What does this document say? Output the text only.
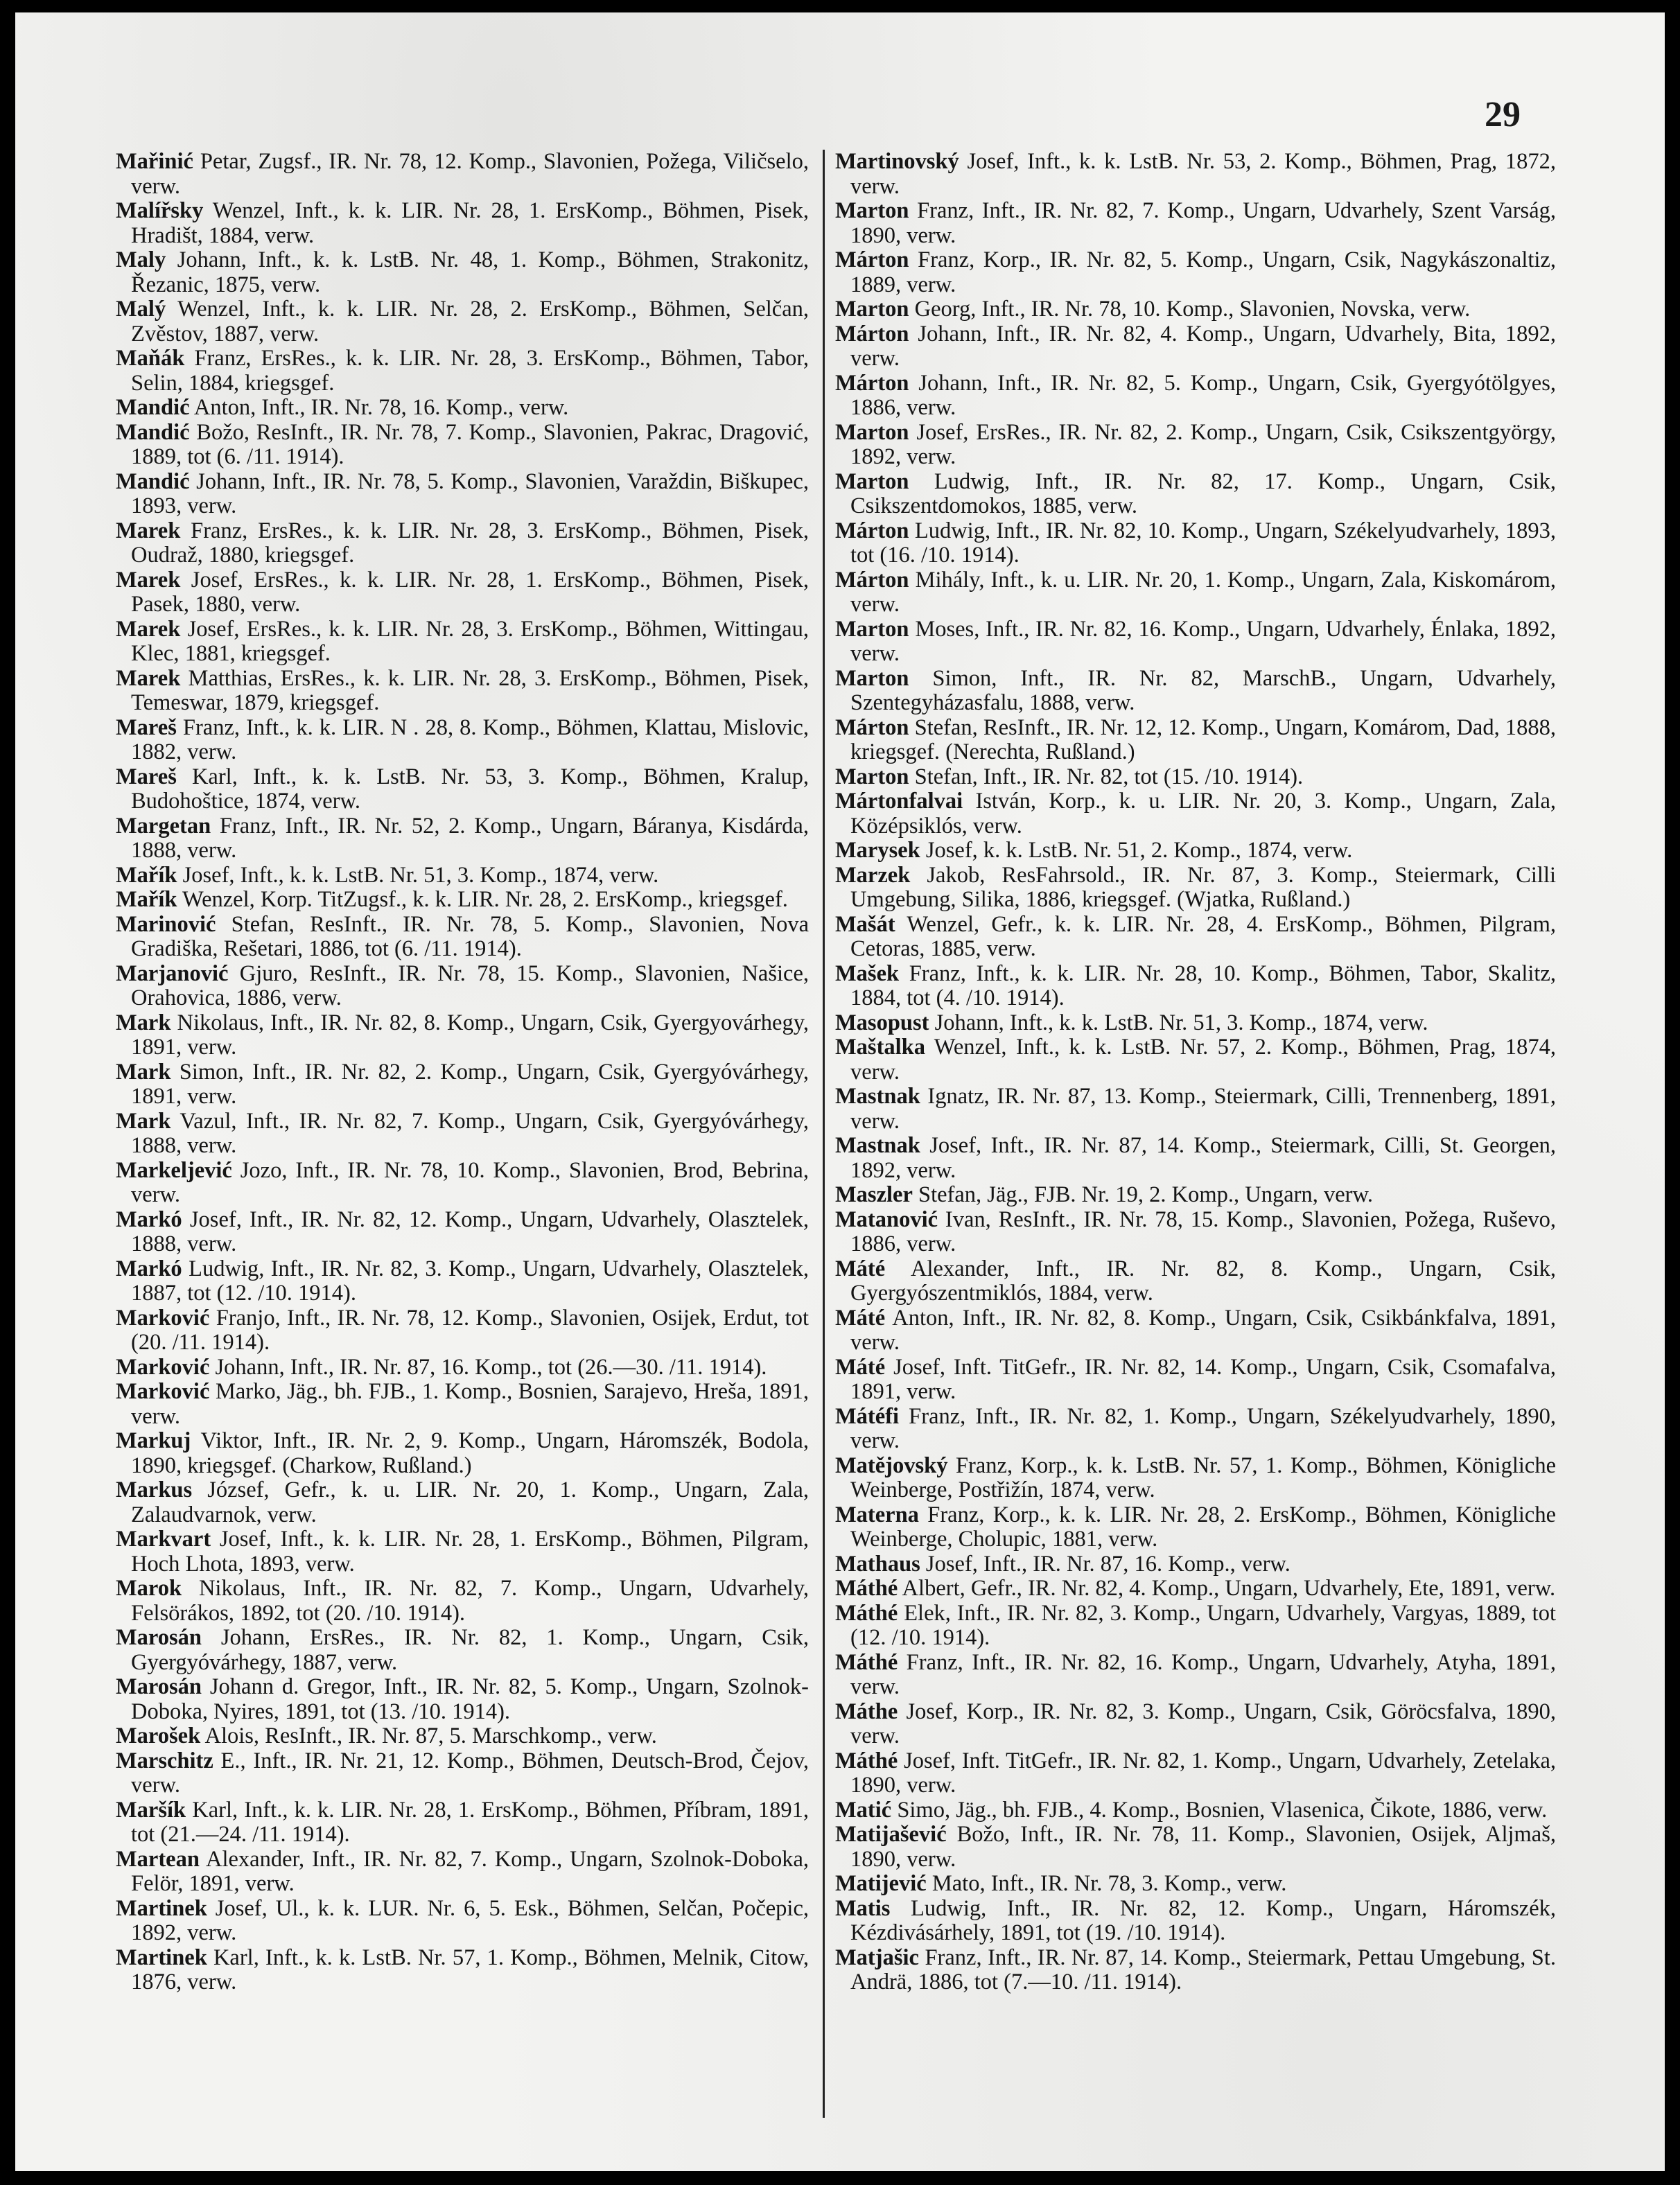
29

Mařinić Petar, Zugsf., IR. Nr. 78, 12. Komp., Slavonien, Požega, Viličselo, verw.

Malířsky Wenzel, Inft., k. k. LIR. Nr. 28, 1. ErsKomp., Böhmen, Pisek, Hradišt, 1884, verw.

Maly Johann, Inft., k. k. LstB. Nr. 48, 1. Komp., Böhmen, Strakonitz, Řezanic, 1875, verw.

Malý Wenzel, Inft., k. k. LIR. Nr. 28, 2. ErsKomp., Böhmen, Selčan, Zvěstov, 1887, verw.

Maňák Franz, ErsRes., k. k. LIR. Nr. 28, 3. ErsKomp., Böhmen, Tabor, Selin, 1884, kriegsgef.

Mandić Anton, Inft., IR. Nr. 78, 16. Komp., verw.

Mandić Božo, ResInft., IR. Nr. 78, 7. Komp., Slavonien, Pakrac, Dragović, 1889, tot (6. /11. 1914).

Mandić Johann, Inft., IR. Nr. 78, 5. Komp., Slavonien, Varaždin, Biškupec, 1893, verw.

Marek Franz, ErsRes., k. k. LIR. Nr. 28, 3. ErsKomp., Böhmen, Pisek, Oudraž, 1880, kriegsgef.

Marek Josef, ErsRes., k. k. LIR. Nr. 28, 1. ErsKomp., Böhmen, Pisek, Pasek, 1880, verw.

Marek Josef, ErsRes., k. k. LIR. Nr. 28, 3. ErsKomp., Böhmen, Wittingau, Klec, 1881, kriegsgef.

Marek Matthias, ErsRes., k. k. LIR. Nr. 28, 3. ErsKomp., Böhmen, Pisek, Temeswar, 1879, kriegsgef.

Mareš Franz, Inft., k. k. LIR. N . 28, 8. Komp., Böhmen, Klattau, Mislovic, 1882, verw.

Mareš Karl, Inft., k. k. LstB. Nr. 53, 3. Komp., Böhmen, Kralup, Budohoštice, 1874, verw.

Margetan Franz, Inft., IR. Nr. 52, 2. Komp., Ungarn, Báranya, Kisdárda, 1888, verw.

Mařík Josef, Inft., k. k. LstB. Nr. 51, 3. Komp., 1874, verw.

Mařík Wenzel, Korp. TitZugsf., k. k. LIR. Nr. 28, 2. ErsKomp., kriegsgef.

Marinović Stefan, ResInft., IR. Nr. 78, 5. Komp., Slavonien, Nova Gradiška, Rešetari, 1886, tot (6. /11. 1914).

Marjanović Gjuro, ResInft., IR. Nr. 78, 15. Komp., Slavonien, Našice, Orahovica, 1886, verw.

Mark Nikolaus, Inft., IR. Nr. 82, 8. Komp., Ungarn, Csik, Gyergyovárhegy, 1891, verw.

Mark Simon, Inft., IR. Nr. 82, 2. Komp., Ungarn, Csik, Gyergyóvárhegy, 1891, verw.

Mark Vazul, Inft., IR. Nr. 82, 7. Komp., Ungarn, Csik, Gyergyóvárhegy, 1888, verw.

Markeljević Jozo, Inft., IR. Nr. 78, 10. Komp., Slavonien, Brod, Bebrina, verw.

Markó Josef, Inft., IR. Nr. 82, 12. Komp., Ungarn, Udvarhely, Olasztelek, 1888, verw.

Markó Ludwig, Inft., IR. Nr. 82, 3. Komp., Ungarn, Udvarhely, Olasztelek, 1887, tot (12. /10. 1914).

Marković Franjo, Inft., IR. Nr. 78, 12. Komp., Slavonien, Osijek, Erdut, tot (20. /11. 1914).

Marković Johann, Inft., IR. Nr. 87, 16. Komp., tot (26.—30. /11. 1914).

Marković Marko, Jäg., bh. FJB., 1. Komp., Bosnien, Sarajevo, Hreša, 1891, verw.

Markuj Viktor, Inft., IR. Nr. 2, 9. Komp., Ungarn, Háromszék, Bodola, 1890, kriegsgef. (Charkow, Rußland.)

Markus József, Gefr., k. u. LIR. Nr. 20, 1. Komp., Ungarn, Zala, Zalaudvarnok, verw.

Markvart Josef, Inft., k. k. LIR. Nr. 28, 1. ErsKomp., Böhmen, Pilgram, Hoch Lhota, 1893, verw.

Marok Nikolaus, Inft., IR. Nr. 82, 7. Komp., Ungarn, Udvarhely, Felsörákos, 1892, tot (20. /10. 1914).

Marosán Johann, ErsRes., IR. Nr. 82, 1. Komp., Ungarn, Csik, Gyergyóvárhegy, 1887, verw.

Marosán Johann d. Gregor, Inft., IR. Nr. 82, 5. Komp., Ungarn, Szolnok-Doboka, Nyires, 1891, tot (13. /10. 1914).

Marošek Alois, ResInft., IR. Nr. 87, 5. Marschkomp., verw.

Marschitz E., Inft., IR. Nr. 21, 12. Komp., Böhmen, Deutsch-Brod, Čejov, verw.

Maršík Karl, Inft., k. k. LIR. Nr. 28, 1. ErsKomp., Böhmen, Příbram, 1891, tot (21.—24. /11. 1914).

Martean Alexander, Inft., IR. Nr. 82, 7. Komp., Ungarn, Szolnok-Doboka, Felör, 1891, verw.

Martinek Josef, Ul., k. k. LUR. Nr. 6, 5. Esk., Böhmen, Selčan, Počepic, 1892, verw.

Martinek Karl, Inft., k. k. LstB. Nr. 57, 1. Komp., Böhmen, Melnik, Citow, 1876, verw.

Martinovský Josef, Inft., k. k. LstB. Nr. 53, 2. Komp., Böhmen, Prag, 1872, verw.

Marton Franz, Inft., IR. Nr. 82, 7. Komp., Ungarn, Udvarhely, Szent Varság, 1890, verw.

Márton Franz, Korp., IR. Nr. 82, 5. Komp., Ungarn, Csik, Nagykászonaltiz, 1889, verw.

Marton Georg, Inft., IR. Nr. 78, 10. Komp., Slavonien, Novska, verw.

Márton Johann, Inft., IR. Nr. 82, 4. Komp., Ungarn, Udvarhely, Bita, 1892, verw.

Márton Johann, Inft., IR. Nr. 82, 5. Komp., Ungarn, Csik, Gyergyótölgyes, 1886, verw.

Marton Josef, ErsRes., IR. Nr. 82, 2. Komp., Ungarn, Csik, Csikszentgyörgy, 1892, verw.

Marton Ludwig, Inft., IR. Nr. 82, 17. Komp., Ungarn, Csik, Csikszentdomokos, 1885, verw.

Márton Ludwig, Inft., IR. Nr. 82, 10. Komp., Ungarn, Székelyudvarhely, 1893, tot (16. /10. 1914).

Márton Mihály, Inft., k. u. LIR. Nr. 20, 1. Komp., Ungarn, Zala, Kiskomárom, verw.

Marton Moses, Inft., IR. Nr. 82, 16. Komp., Ungarn, Udvarhely, Énlaka, 1892, verw.

Marton Simon, Inft., IR. Nr. 82, MarschB., Ungarn, Udvarhely, Szentegyházasfalu, 1888, verw.

Márton Stefan, ResInft., IR. Nr. 12, 12. Komp., Ungarn, Komárom, Dad, 1888, kriegsgef. (Nerechta, Rußland.)

Marton Stefan, Inft., IR. Nr. 82, tot (15. /10. 1914).

Mártonfalvai István, Korp., k. u. LIR. Nr. 20, 3. Komp., Ungarn, Zala, Középsiklós, verw.

Marysek Josef, k. k. LstB. Nr. 51, 2. Komp., 1874, verw.

Marzek Jakob, ResFahrsold., IR. Nr. 87, 3. Komp., Steiermark, Cilli Umgebung, Silika, 1886, kriegsgef. (Wjatka, Rußland.)

Mašát Wenzel, Gefr., k. k. LIR. Nr. 28, 4. ErsKomp., Böhmen, Pilgram, Cetoras, 1885, verw.

Mašek Franz, Inft., k. k. LIR. Nr. 28, 10. Komp., Böhmen, Tabor, Skalitz, 1884, tot (4. /10. 1914).

Masopust Johann, Inft., k. k. LstB. Nr. 51, 3. Komp., 1874, verw.

Maštalka Wenzel, Inft., k. k. LstB. Nr. 57, 2. Komp., Böhmen, Prag, 1874, verw.

Mastnak Ignatz, IR. Nr. 87, 13. Komp., Steiermark, Cilli, Trennenberg, 1891, verw.

Mastnak Josef, Inft., IR. Nr. 87, 14. Komp., Steiermark, Cilli, St. Georgen, 1892, verw.

Maszler Stefan, Jäg., FJB. Nr. 19, 2. Komp., Ungarn, verw.

Matanović Ivan, ResInft., IR. Nr. 78, 15. Komp., Slavonien, Požega, Ruševo, 1886, verw.

Máté Alexander, Inft., IR. Nr. 82, 8. Komp., Ungarn, Csik, Gyergyószentmiklós, 1884, verw.

Máté Anton, Inft., IR. Nr. 82, 8. Komp., Ungarn, Csik, Csikbánkfalva, 1891, verw.

Máté Josef, Inft. TitGefr., IR. Nr. 82, 14. Komp., Ungarn, Csik, Csomafalva, 1891, verw.

Mátéfi Franz, Inft., IR. Nr. 82, 1. Komp., Ungarn, Székelyudvarhely, 1890, verw.

Matějovský Franz, Korp., k. k. LstB. Nr. 57, 1. Komp., Böhmen, Königliche Weinberge, Postřižín, 1874, verw.

Materna Franz, Korp., k. k. LIR. Nr. 28, 2. ErsKomp., Böhmen, Königliche Weinberge, Cholupic, 1881, verw.

Mathaus Josef, Inft., IR. Nr. 87, 16. Komp., verw.

Máthé Albert, Gefr., IR. Nr. 82, 4. Komp., Ungarn, Udvarhely, Ete, 1891, verw.

Máthé Elek, Inft., IR. Nr. 82, 3. Komp., Ungarn, Udvarhely, Vargyas, 1889, tot (12. /10. 1914).

Máthé Franz, Inft., IR. Nr. 82, 16. Komp., Ungarn, Udvarhely, Atyha, 1891, verw.

Máthe Josef, Korp., IR. Nr. 82, 3. Komp., Ungarn, Csik, Göröcsfalva, 1890, verw.

Máthé Josef, Inft. TitGefr., IR. Nr. 82, 1. Komp., Ungarn, Udvarhely, Zetelaka, 1890, verw.

Matić Simo, Jäg., bh. FJB., 4. Komp., Bosnien, Vlasenica, Čikote, 1886, verw.

Matijašević Božo, Inft., IR. Nr. 78, 11. Komp., Slavonien, Osijek, Aljmaš, 1890, verw.

Matijević Mato, Inft., IR. Nr. 78, 3. Komp., verw.

Matis Ludwig, Inft., IR. Nr. 82, 12. Komp., Ungarn, Háromszék, Kézdivásárhely, 1891, tot (19. /10. 1914).

Matjašic Franz, Inft., IR. Nr. 87, 14. Komp., Steiermark, Pettau Umgebung, St. Andrä, 1886, tot (7.—10. /11. 1914).
